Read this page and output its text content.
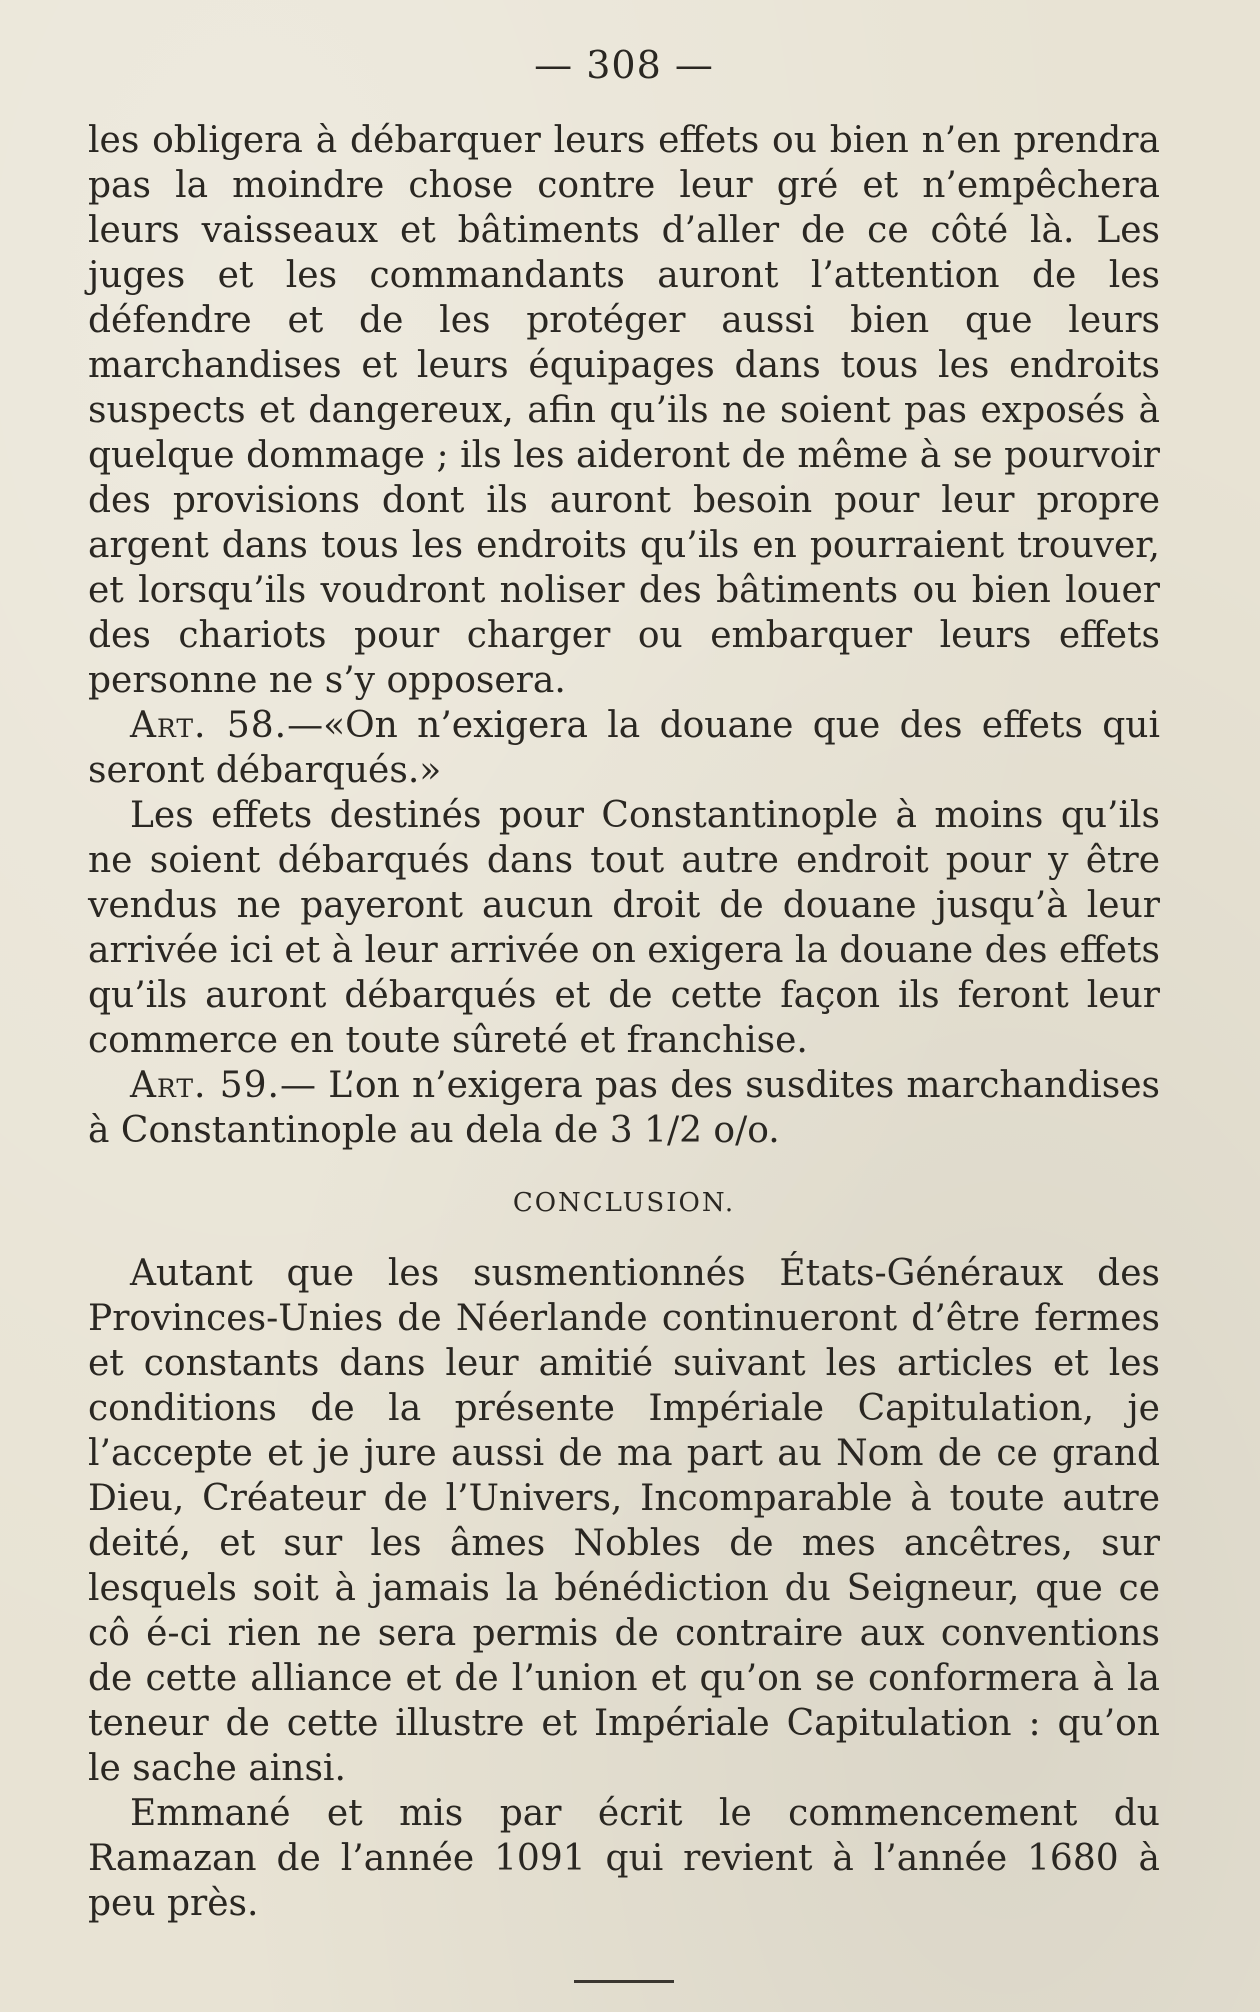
— 308 —

les obligera à débarquer leurs effets ou bien n’en prendra pas la moindre chose contre leur gré et n’empêchera leurs vaisseaux et bâtiments d’aller de ce côté là. Les juges et les commandants auront l’attention de les défendre et de les protéger aussi bien que leurs marchandises et leurs équipages dans tous les endroits suspects et dangereux, afin qu’ils ne soient pas exposés à quelque dommage ; ils les aideront de même à se pourvoir des provisions dont ils auront besoin pour leur propre argent dans tous les endroits qu’ils en pourraient trouver, et lorsqu’ils voudront noliser des bâtiments ou bien louer des chariots pour charger ou embarquer leurs effets personne ne s’y opposera.

Art. 58.—«On n’exigera la douane que des effets qui seront débarqués.»

Les effets destinés pour Constantinople à moins qu’ils ne soient débarqués dans tout autre endroit pour y être vendus ne payeront aucun droit de douane jusqu’à leur arrivée ici et à leur arrivée on exigera la douane des effets qu’ils auront débarqués et de cette façon ils feront leur commerce en toute sûreté et franchise.

Art. 59.— L’on n’exigera pas des susdites marchandises à Constantinople au dela de 3 1/2 o/o.

CONCLUSION.

Autant que les susmentionnés États-Généraux des Provinces-Unies de Néerlande continueront d’être fermes et constants dans leur amitié suivant les articles et les conditions de la présente Impériale Capitulation, je l’accepte et je jure aussi de ma part au Nom de ce grand Dieu, Créateur de l’Univers, Incomparable à toute autre deité, et sur les âmes Nobles de mes ancêtres, sur lesquels soit à jamais la bénédiction du Seigneur, que ce cô é-ci rien ne sera permis de contraire aux conventions de cette alliance et de l’union et qu’on se conformera à la teneur de cette illustre et Impériale Capitulation : qu’on le sache ainsi.

Emmané et mis par écrit le commencement du Ramazan de l’année 1091 qui revient à l’année 1680 à peu près.
